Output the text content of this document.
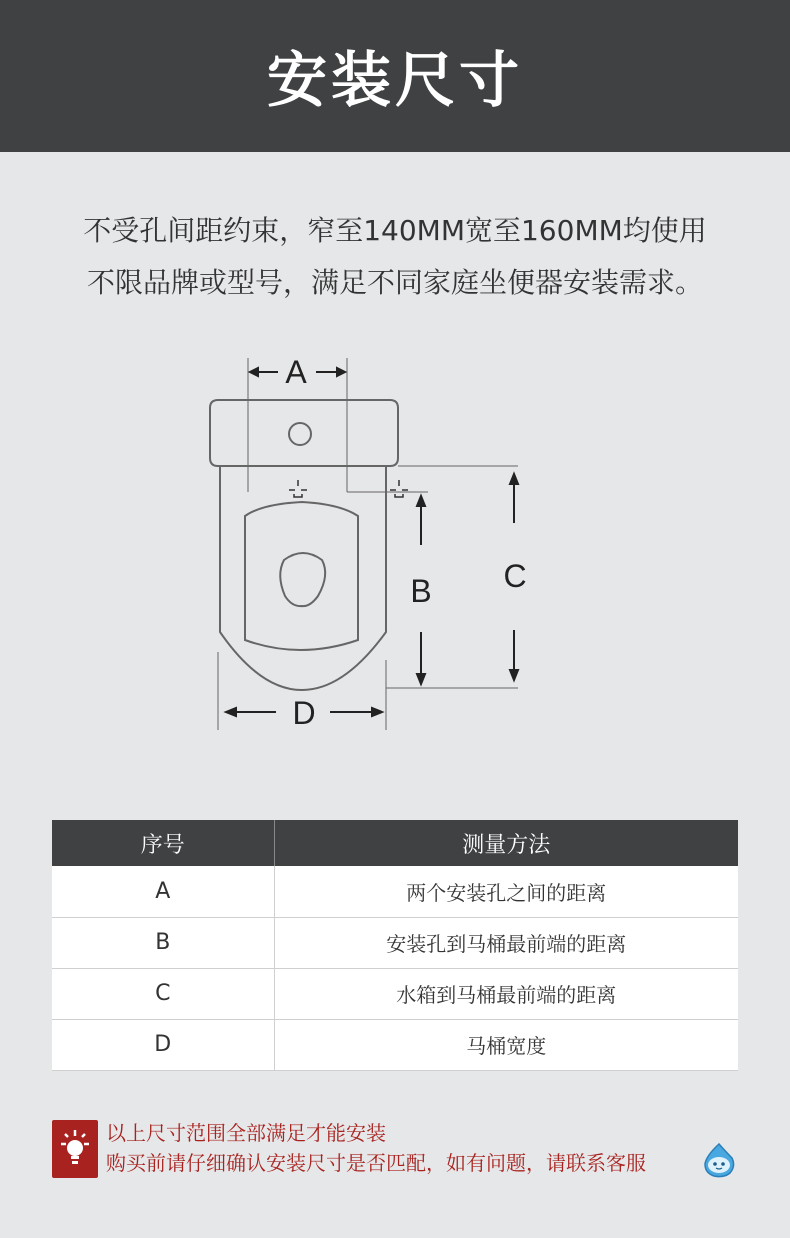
安装尺寸
不受孔间距约束，窄至140MM宽至160MM均使用
不限品牌或型号，满足不同家庭坐便器安装需求。
A
B C
D
序号	测量方法
A	两个安装孔之间的距离
B	安装孔到马桶最前端的距离
C	水箱到马桶最前端的距离
D	马桶宽度
以上尺寸范围全部满足才能安装
购买前请仔细确认安装尺寸是否匹配，如有问题，请联系客服
